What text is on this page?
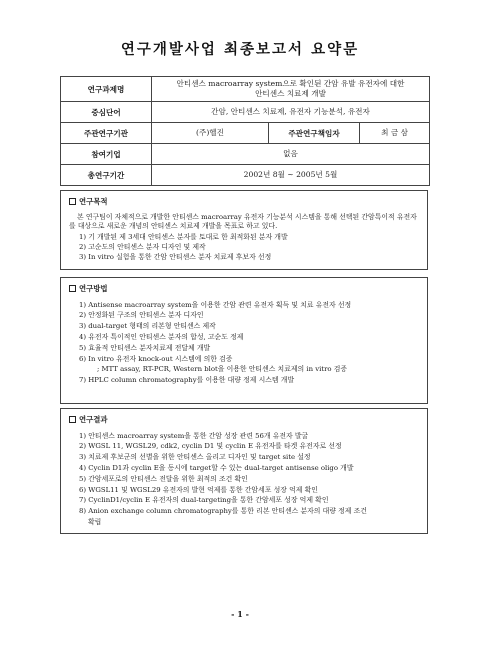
연구개발사업 최종보고서 요약문
연구과제명	안티센스 macroarray system으로 확인된 간암 유발 유전자에 대한
안티센스 치료제 개발		

중심단어	간암, 안티센스 치료제, 유전자 기능분석, 유전자		
주관연구기관	(주)헬진	주관연구책임자	최 금 삼
참여기업	없음		
총연구기간	2002년 8월 ~ 2005년 5월		
연구목적
본 연구팀이 자체적으로 개발한 안티센스 macroarray 유전자 기능분석 시스템을 통해 선택된 간암특이적 유전자를 대상으로 새로운 개념의 안티센스 치료제 개발을 목표로 하고 있다.
1) 기 개발된 제 3세대 안티센스 분자를 토대로 한 최적화된 분자 개발
2) 고순도의 안티센스 분자 디자인 및 제작
3) In vitro 실험을 통한 간암 안티센스 분자 치료제 후보자 선정
연구방법
1) Antisense macroarray system을 이용한 간암 관련 유전자 획득 및 치료 유전자 선정
2) 안정화된 구조의 안티센스 분자 디자인
3) dual-target 형태의 리본형 안티센스 제작
4) 유전자 특이적인 안티센스 분자의 합성, 고순도 정제
5) 효율적 안티센스 분자치료제 전달체 개발
6) In vitro 유전자 knock-out 시스템에 의한 검증
; MTT assay, RT-PCR, Western blot을 이용한 안티센스 치료제의 in vitro 검증
7) HPLC column chromatography를 이용한 대량 정제 시스템 개발
연구결과
1) 안티센스 macroarray system을 통한 간암 성장 관련 56개 유전자 발굴
2) WGSL 11, WGSL29, cdk2, cyclin D1 및 cyclin E 유전자를 타겟 유전자로 선정
3) 치료제 후보군의 선별을 위한 안티센스 올리고 디자인 및 target site 설정
4) Cyclin D1과 cyclin E을 동시에 target할 수 있는 dual-target antisense oligo 개발
5) 간암세포로의 안티센스 전달을 위한 최적의 조건 확인
6) WGSL11 및 WGSL29 유전자의 발현 억제를 통한 간암세포 성장 억제 확인
7) CyclinD1/cyclin E 유전자의 dual-targeting을 통한 간암세포 성장 억제 확인
8) Anion exchange column chromatography를 통한 리본 안티센스 분자의 대량 정제 조건
확립
- 1 -
